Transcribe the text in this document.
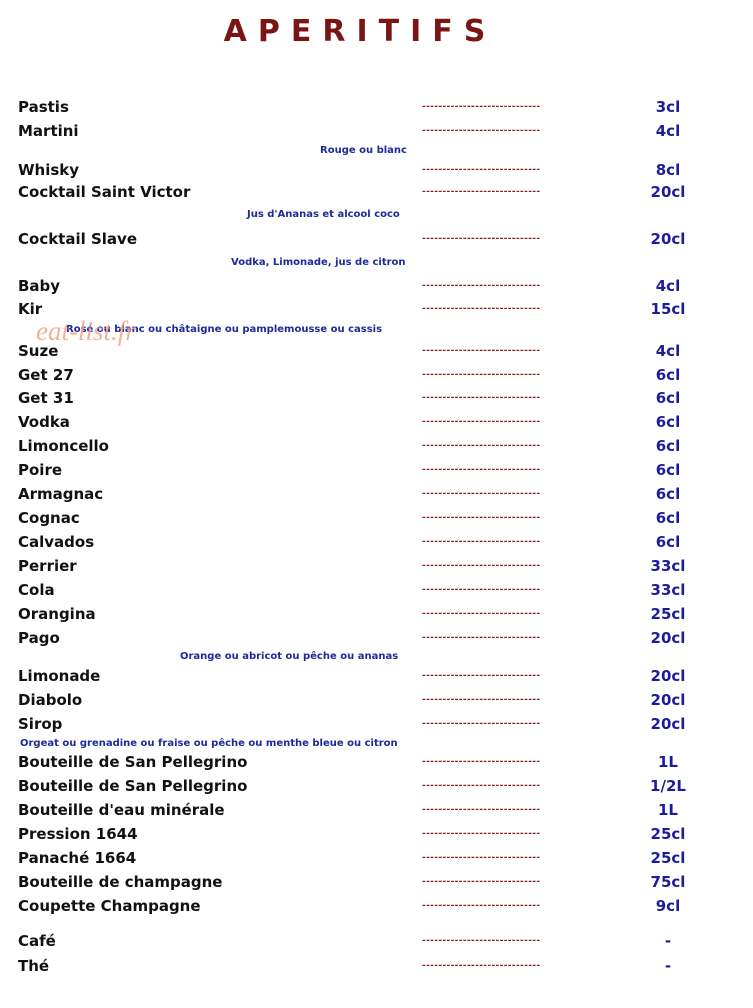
APERITIFS
Pastis	-----------------------------	3cl
Martini	-----------------------------	4cl
Whisky	-----------------------------	8cl
Cocktail Saint Victor	-----------------------------	20cl
Cocktail Slave	-----------------------------	20cl
Baby	-----------------------------	4cl
Kir	-----------------------------	15cl
Suze	-----------------------------	4cl
Get 27	-----------------------------	6cl
Get 31	-----------------------------	6cl
Vodka	-----------------------------	6cl
Limoncello	-----------------------------	6cl
Poire	-----------------------------	6cl
Armagnac	-----------------------------	6cl
Cognac	-----------------------------	6cl
Calvados	-----------------------------	6cl
Perrier	-----------------------------	33cl
Cola	-----------------------------	33cl
Orangina	-----------------------------	25cl
Pago	-----------------------------	20cl
Limonade	-----------------------------	20cl
Diabolo	-----------------------------	20cl
Sirop	-----------------------------	20cl
Bouteille de San Pellegrino	-----------------------------	1L
Bouteille de San Pellegrino	-----------------------------	1/2L
Bouteille d'eau minérale	-----------------------------	1L
Pression 1644	-----------------------------	25cl
Panaché 1664	-----------------------------	25cl
Bouteille de champagne	-----------------------------	75cl
Coupette Champagne	-----------------------------	9cl
Café	-----------------------------	-
Thé	-----------------------------	-
Rouge ou blanc
Jus d'Ananas et alcool coco
Vodka, Limonade, jus de citron
Rosé ou blanc ou châtaigne ou pamplemousse ou cassis
Orange ou abricot ou pêche ou ananas
Orgeat ou grenadine ou fraise ou pêche ou menthe bleue ou citron
eat-list.fr
